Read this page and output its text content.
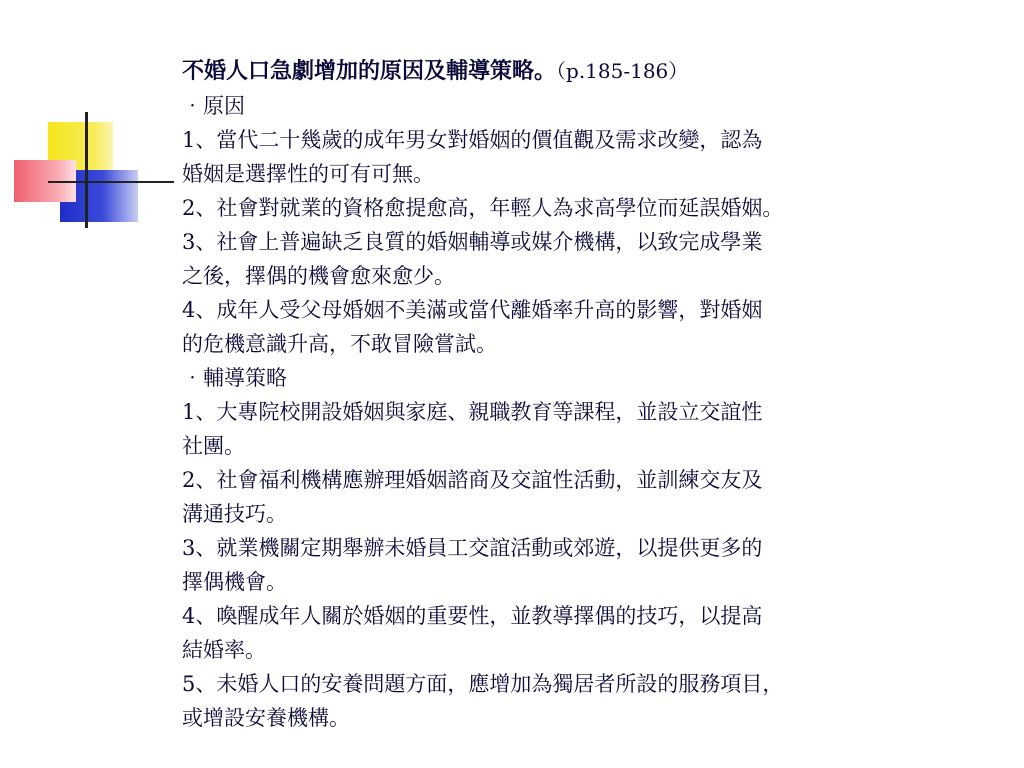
不婚人口急劇增加的原因及輔導策略。（p.185-186）

‧原因

1、當代二十幾歲的成年男女對婚姻的價值觀及需求改變，認為

婚姻是選擇性的可有可無。

2、社會對就業的資格愈提愈高，年輕人為求高學位而延誤婚姻。

3、社會上普遍缺乏良質的婚姻輔導或媒介機構，以致完成學業

之後，擇偶的機會愈來愈少。

4、成年人受父母婚姻不美滿或當代離婚率升高的影響，對婚姻

的危機意識升高，不敢冒險嘗試。

‧輔導策略

1、大專院校開設婚姻與家庭、親職教育等課程，並設立交誼性

社團。

2、社會福利機構應辦理婚姻諮商及交誼性活動，並訓練交友及

溝通技巧。

3、就業機關定期舉辦未婚員工交誼活動或郊遊，以提供更多的

擇偶機會。

4、喚醒成年人關於婚姻的重要性，並教導擇偶的技巧，以提高

結婚率。

5、未婚人口的安養問題方面，應增加為獨居者所設的服務項目，

或增設安養機構。
